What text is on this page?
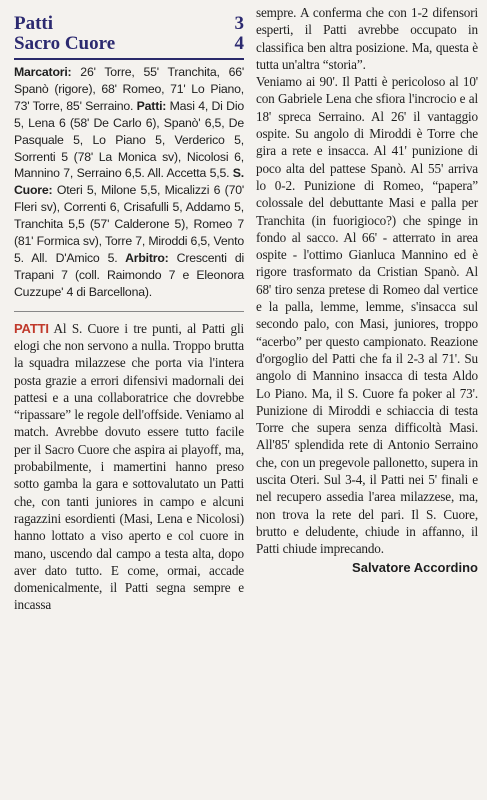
Patti	3
Sacro Cuore	4
Marcatori: 26' Torre, 55' Tranchita, 66' Spanò (rigore), 68' Romeo, 71' Lo Piano, 73' Torre, 85' Serraino. Patti: Masi 4, Di Dio 5, Lena 6 (58' De Carlo 6), Spanò' 6,5, De Pasquale 5, Lo Piano 5, Verderico 5, Sorrenti 5 (78' La Monica sv), Nicolosi 6, Mannino 7, Serraino 6,5. All. Accetta 5,5. S. Cuore: Oteri 5, Milone 5,5, Micalizzi 6 (70' Fleri sv), Correnti 6, Crisafulli 5, Addamo 5, Tranchita 5,5 (57' Calderone 5), Romeo 7 (81' Formica sv), Torre 7, Miroddi 6,5, Vento 5. All. D'Amico 5. Arbitro: Crescenti di Trapani 7 (coll. Raimondo 7 e Eleonora Cuzzupe' 4 di Barcellona).
PATTI Al S. Cuore i tre punti, al Patti gli elogi che non servono a nulla. Troppo brutta la squadra milazzese che porta via l'intera posta grazie a errori difensivi madornali dei pattesi e a una collaboratrice che dovrebbe “ripassare” le regole dell'offside. Veniamo al match. Avrebbe dovuto essere tutto facile per il Sacro Cuore che aspira ai playoff, ma, probabilmente, i mamertini hanno preso sotto gamba la gara e sottovalutato un Patti che, con tanti juniores in campo e alcuni ragazzini esordienti (Masi, Lena e Nicolosi) hanno lottato a viso aperto e col cuore in mano, uscendo dal campo a testa alta, dopo aver dato tutto. E come, ormai, accade domenicalmente, il Patti segna sempre e incassa
sempre. A conferma che con 1-2 difensori esperti, il Patti avrebbe occupato in classifica ben altra posizione. Ma, questa è tutta un'altra “storia”.
Veniamo ai 90'. Il Patti è pericoloso al 10' con Gabriele Lena che sfiora l'incrocio e al 18' spreca Serraino. Al 26' il vantaggio ospite. Su angolo di Miroddi è Torre che gira a rete e insacca. Al 41' punizione di poco alta del pattese Spanò. Al 55' arriva lo 0-2. Punizione di Romeo, “papera” colossale del debuttante Masi e palla per Tranchita (in fuorigioco?) che spinge in fondo al sacco. Al 66' - atterrato in area ospite - l'ottimo Gianluca Mannino ed è rigore trasformato da Cristian Spanò. Al 68' tiro senza pretese di Romeo dal vertice e la palla, lemme, lemme, s'insacca sul secondo palo, con Masi, juniores, troppo “acerbo” per questo campionato. Reazione d'orgoglio del Patti che fa il 2-3 al 71'. Su angolo di Mannino insacca di testa Aldo Lo Piano. Ma, il S. Cuore fa poker al 73'. Punizione di Miroddi e schiaccia di testa Torre che supera senza difficoltà Masi. All'85' splendida rete di Antonio Serraino che, con un pregevole pallonetto, supera in uscita Oteri. Sul 3-4, il Patti nei 5' finali e nel recupero assedia l'area milazzese, ma, non trova la rete del pari. Il S. Cuore, brutto e deludente, chiude in affanno, il Patti chiude imprecando.
Salvatore Accordino
